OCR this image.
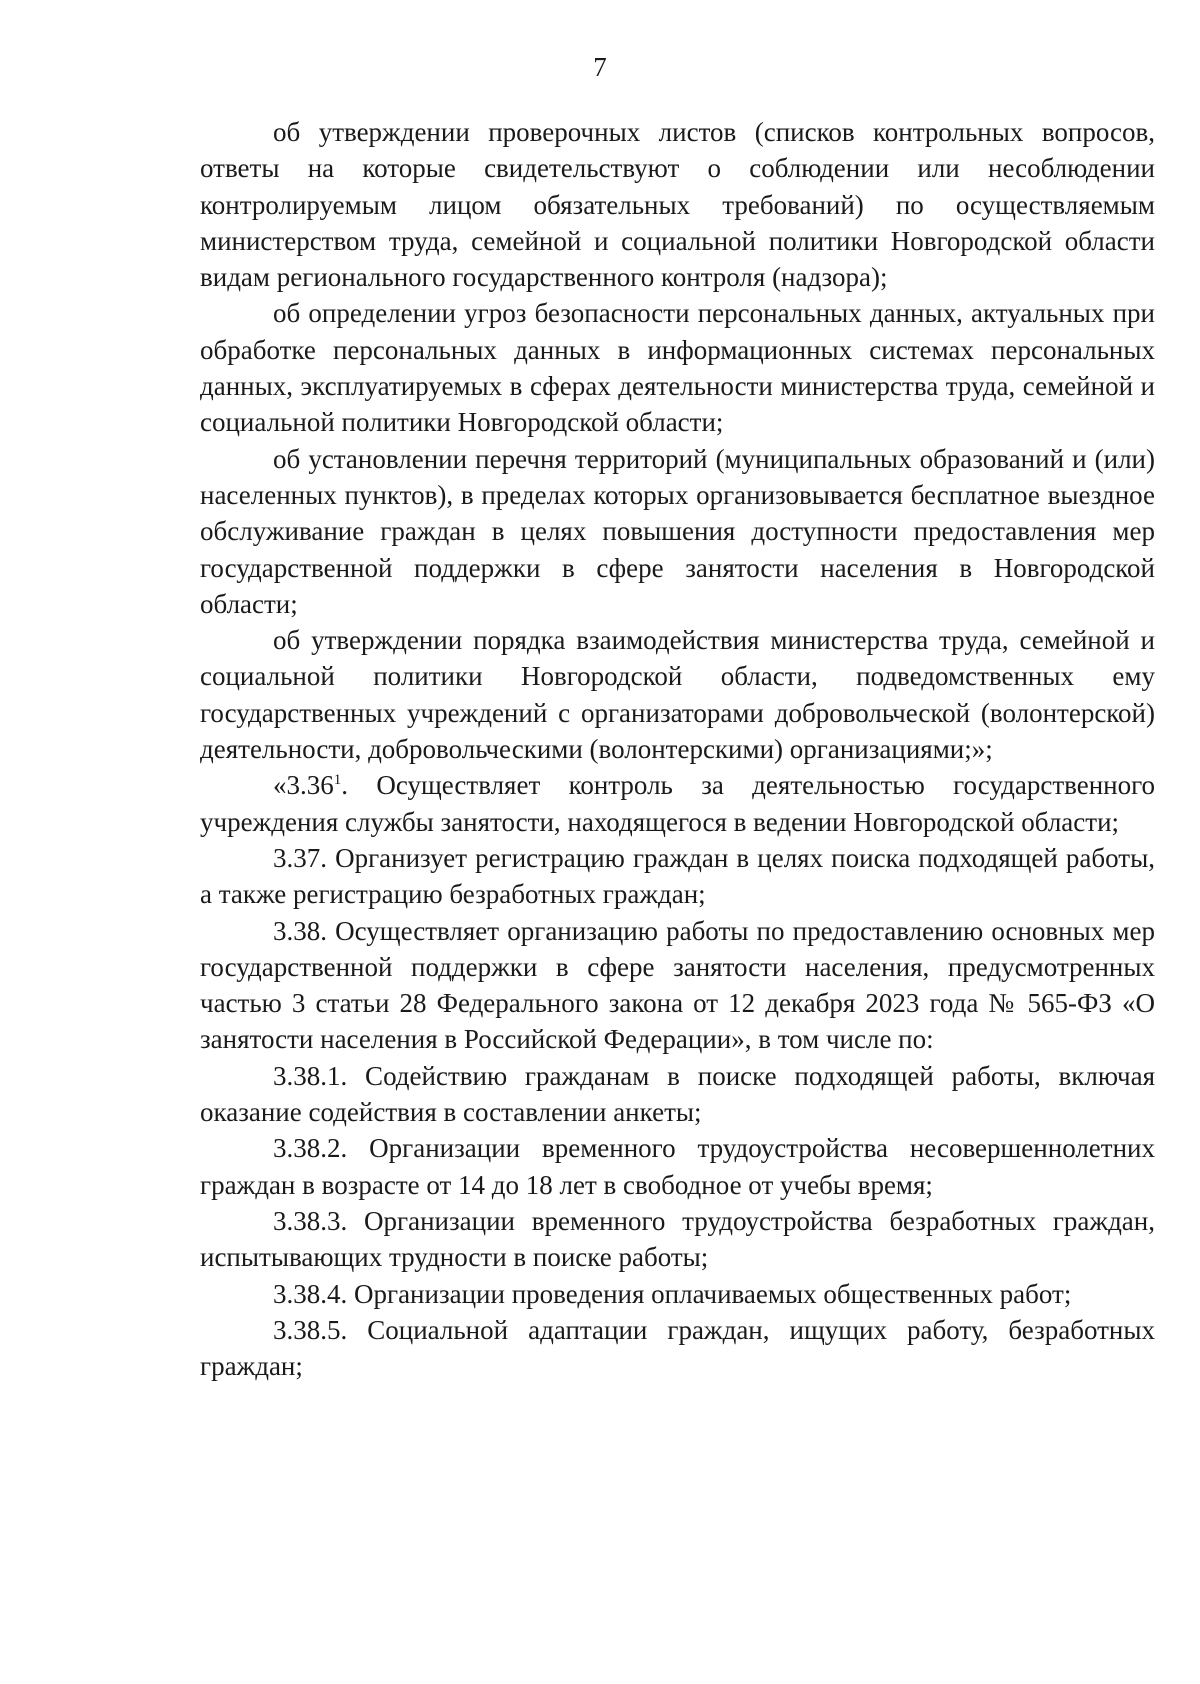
7

об утверждении проверочных листов (списков контрольных вопросов, ответы на которые свидетельствуют о соблюдении или несоблюдении контролируемым лицом обязательных требований) по осуществляемым министерством труда, семейной и социальной политики Новгородской области видам регионального государственного контроля (надзора);

об определении угроз безопасности персональных данных, актуальных при обработке персональных данных в информационных системах персональных данных, эксплуатируемых в сферах деятельности министерства труда, семейной и социальной политики Новгородской области;

об установлении перечня территорий (муниципальных образований и (или) населенных пунктов), в пределах которых организовывается бесплатное выездное обслуживание граждан в целях повышения доступности предоставления мер государственной поддержки в сфере занятости населения в Новгородской области;

об утверждении порядка взаимодействия министерства труда, семейной и социальной политики Новгородской области, подведомственных ему государственных учреждений с организаторами добровольческой (волонтерской) деятельности, добровольческими (волонтерскими) организациями;»;

«3.36$^1$. Осуществляет контроль за деятельностью государственного учреждения службы занятости, находящегося в ведении Новгородской области;

3.37. Организует регистрацию граждан в целях поиска подходящей работы, а также регистрацию безработных граждан;

3.38. Осуществляет организацию работы по предоставлению основных мер государственной поддержки в сфере занятости населения, предусмотренных частью 3 статьи 28 Федерального закона от 12 декабря 2023 года № 565-ФЗ «О занятости населения в Российской Федерации», в том числе по:

3.38.1. Содействию гражданам в поиске подходящей работы, включая оказание содействия в составлении анкеты;

3.38.2. Организации временного трудоустройства несовершеннолетних граждан в возрасте от 14 до 18 лет в свободное от учебы время;

3.38.3. Организации временного трудоустройства безработных граждан, испытывающих трудности в поиске работы;

3.38.4. Организации проведения оплачиваемых общественных работ;

3.38.5. Социальной адаптации граждан, ищущих работу, безработных граждан;
